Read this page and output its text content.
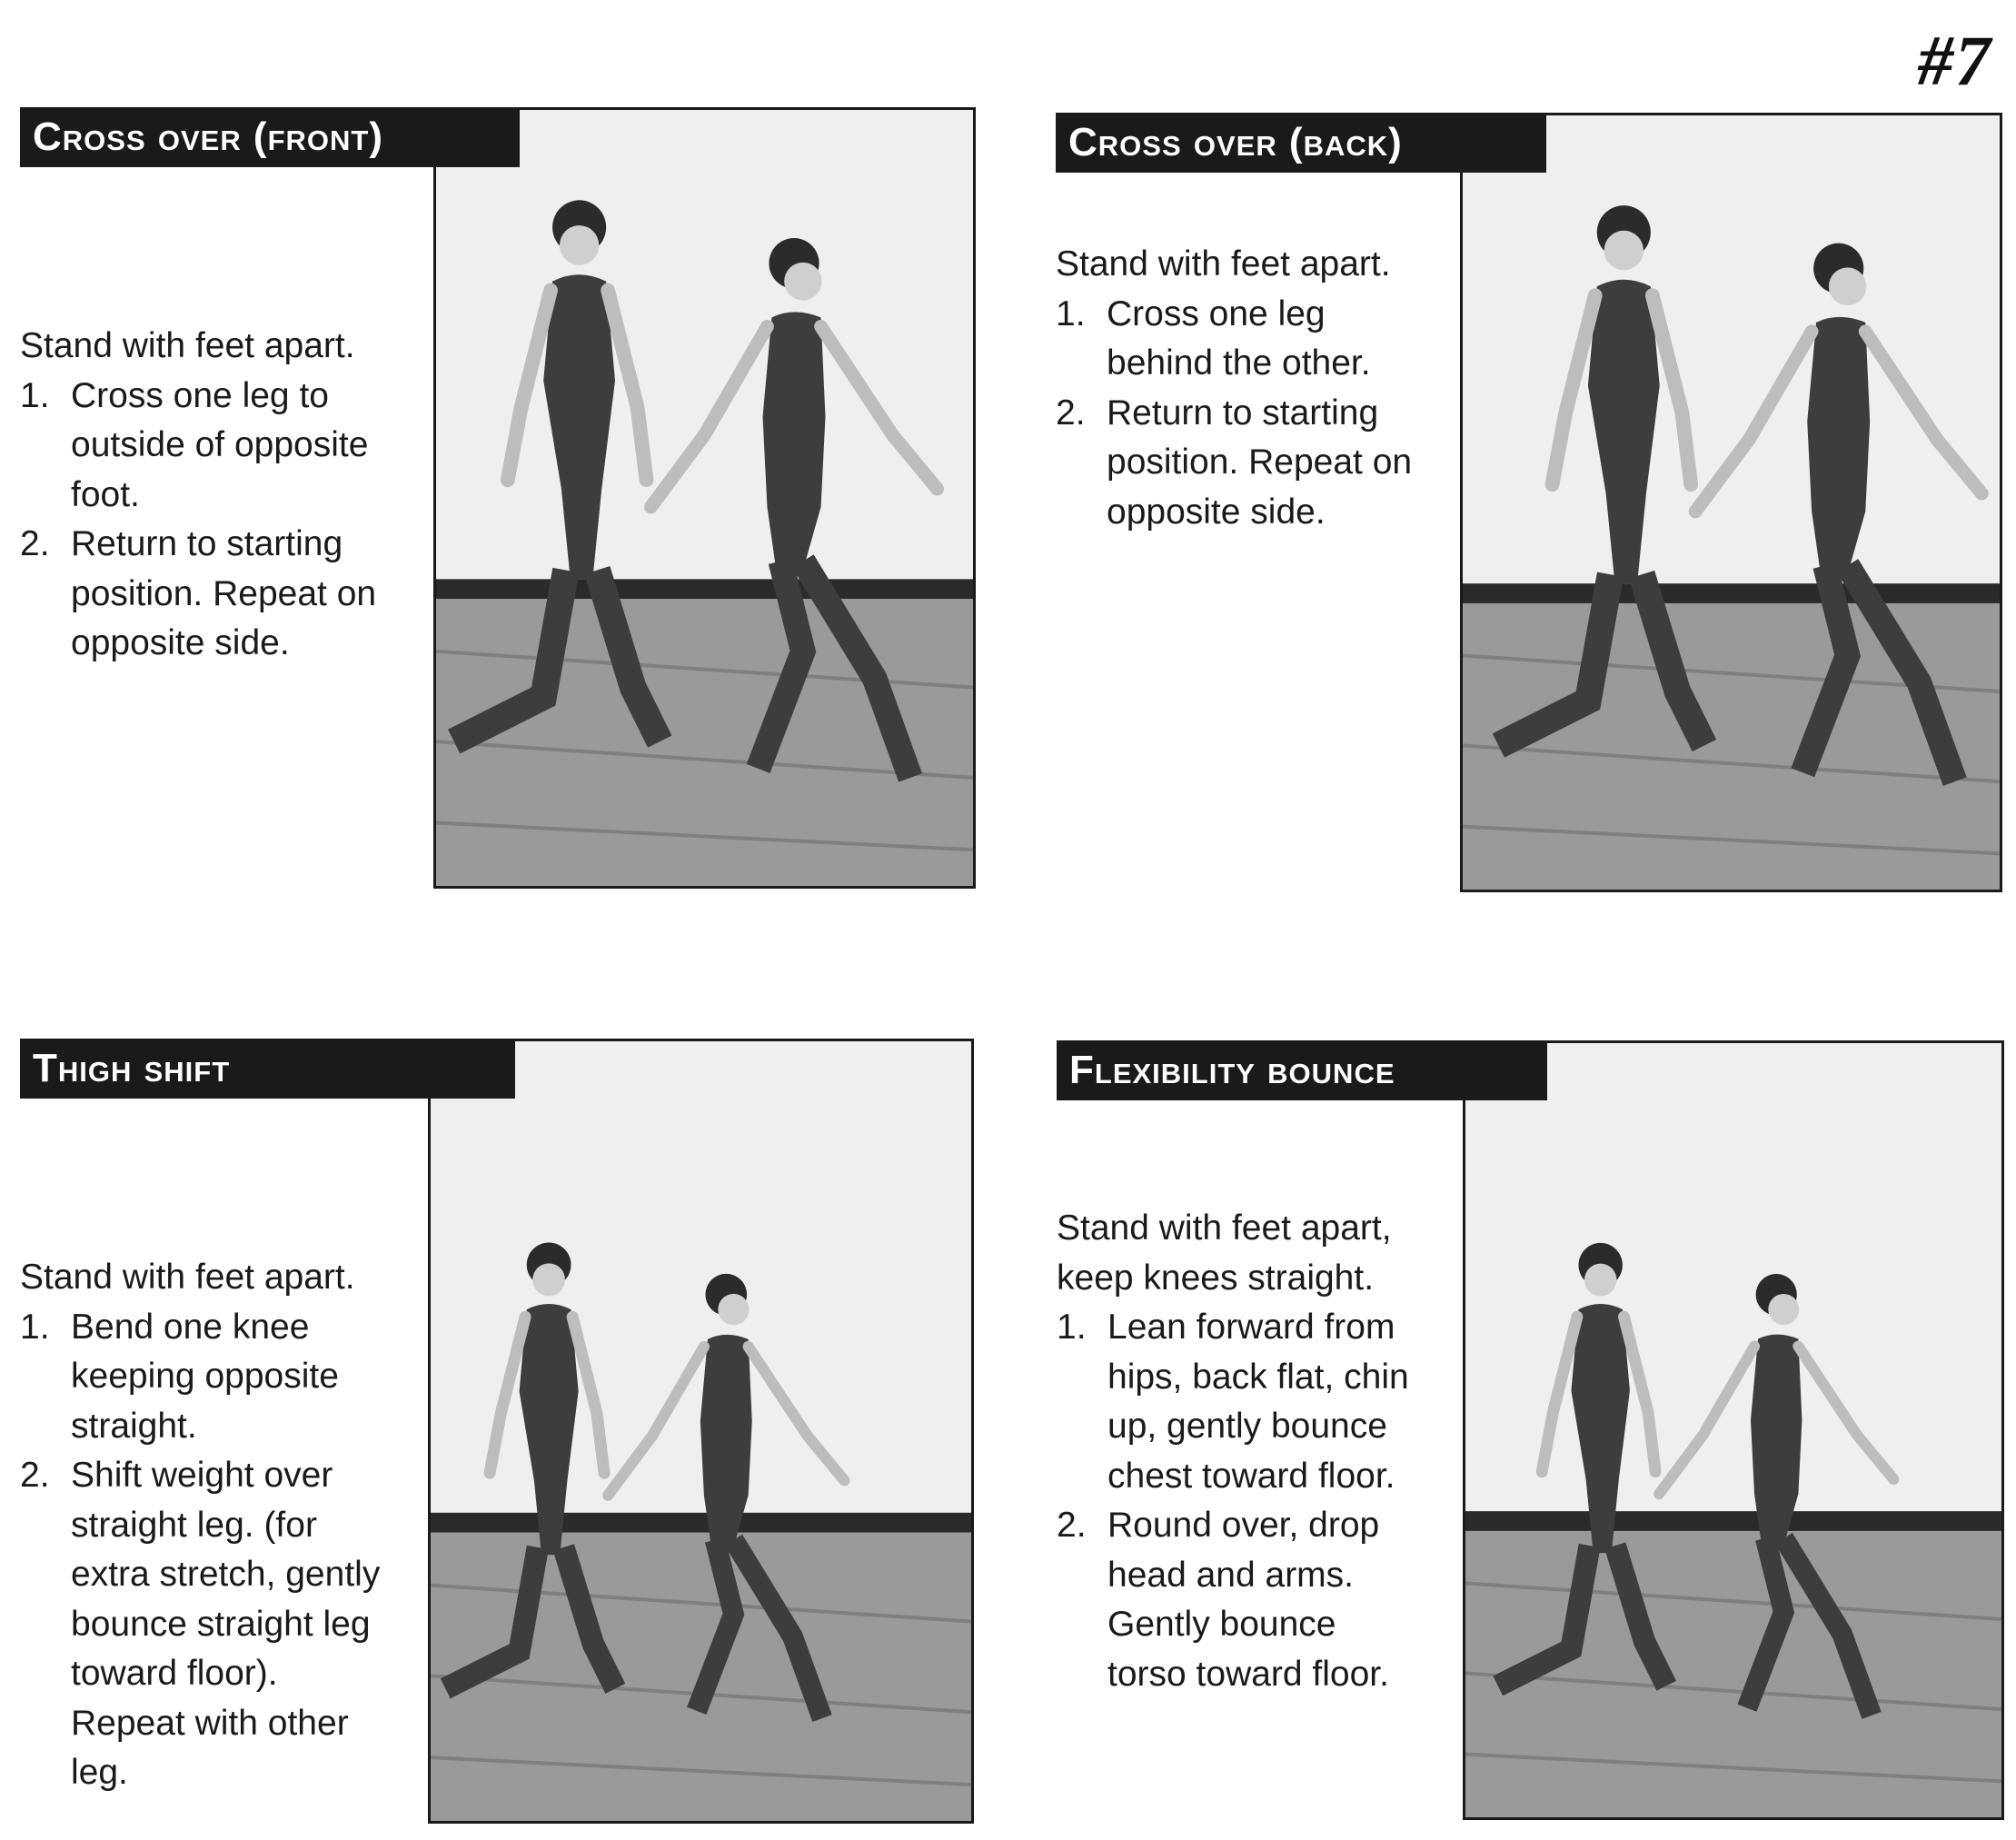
#7
Cross over (front)
Stand with feet apart.
1. Cross one leg to
outside of opposite
foot.
2. Return to starting
position. Repeat on
opposite side.
Cross over (back)
Stand with feet apart.
1. Cross one leg
behind the other.
2. Return to starting
position. Repeat on
opposite side.
Thigh shift
Stand with feet apart.
1. Bend one knee
keeping opposite
straight.
2. Shift weight over
straight leg. (for
extra stretch, gently
bounce straight leg
toward floor).
Repeat with other
leg.
Flexibility bounce
Stand with feet apart,
keep knees straight.
1. Lean forward from
hips, back flat, chin
up, gently bounce
chest toward floor.
2. Round over, drop
head and arms.
Gently bounce
torso toward floor.
